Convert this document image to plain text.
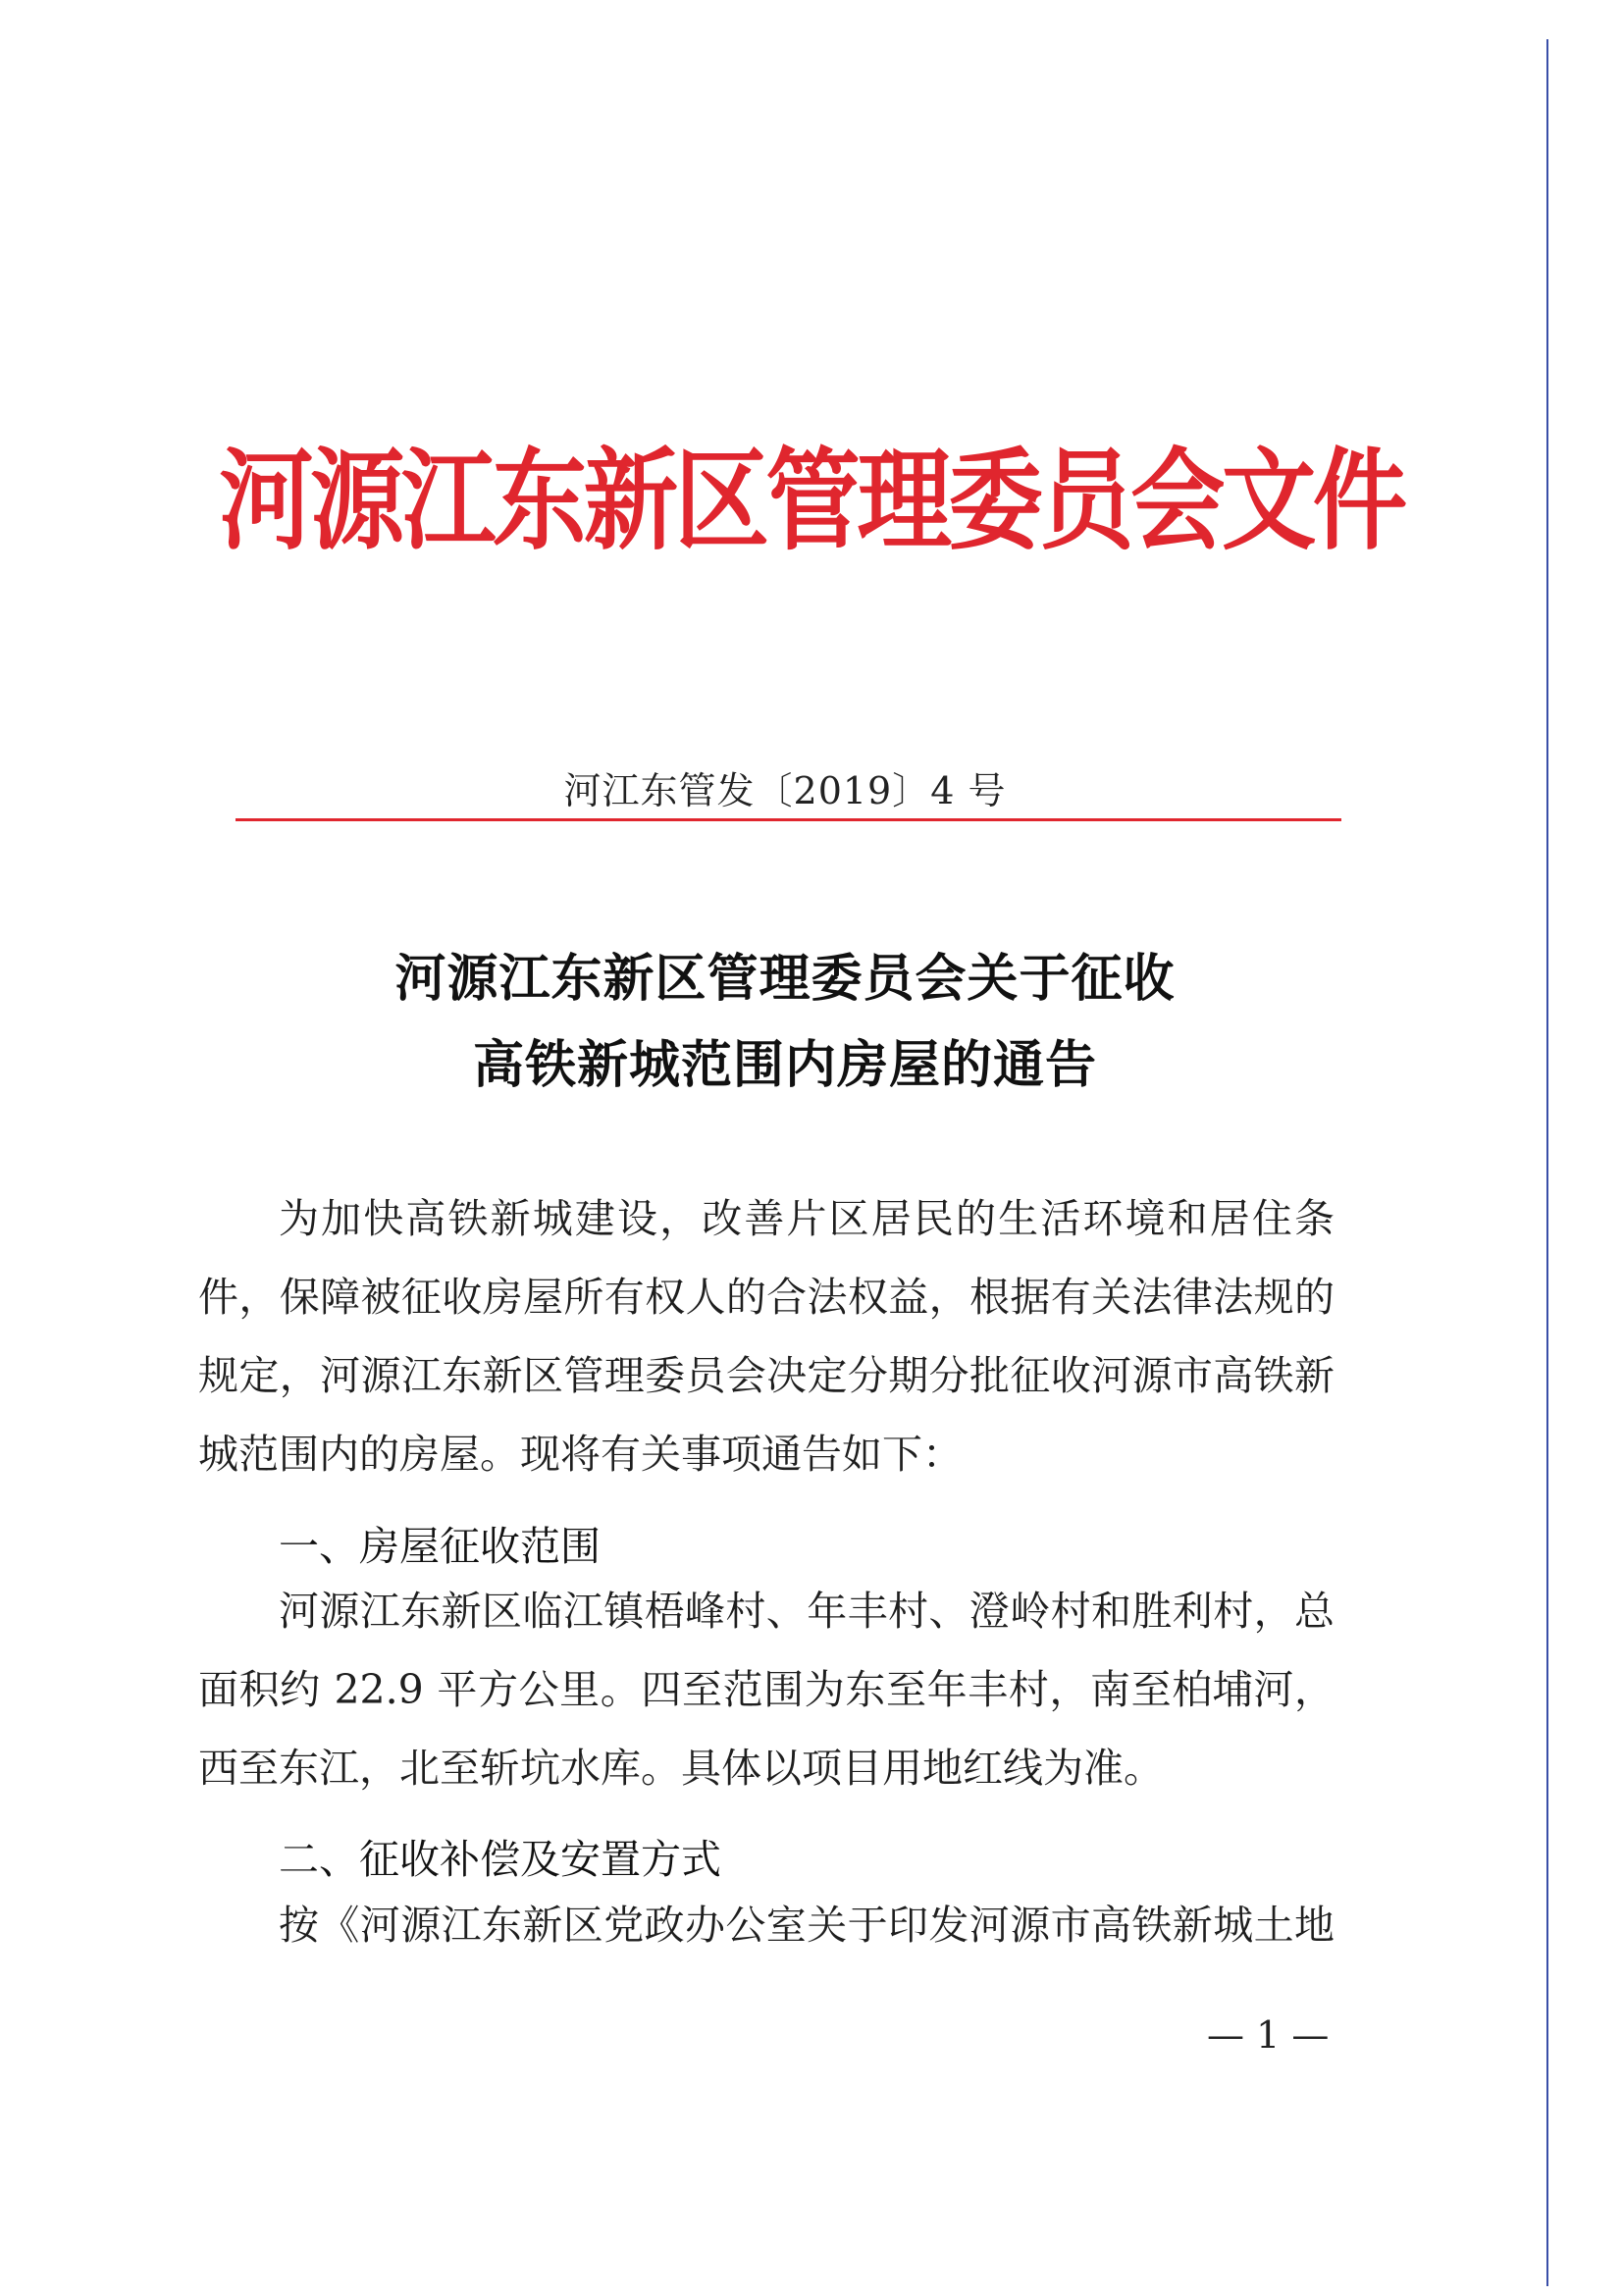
河源江东新区管理委员会文件
河江东管发〔2019〕4 号
河源江东新区管理委员会关于征收
高铁新城范围内房屋的通告
为加快高铁新城建设，改善片区居民的生活环境和居住条
件，保障被征收房屋所有权人的合法权益，根据有关法律法规的
规定，河源江东新区管理委员会决定分期分批征收河源市高铁新
城范围内的房屋。现将有关事项通告如下：
一、房屋征收范围
河源江东新区临江镇梧峰村、年丰村、澄岭村和胜利村，总
面积约 22.9 平方公里。四至范围为东至年丰村，南至柏埔河，
西至东江，北至斩坑水库。具体以项目用地红线为准。
二、征收补偿及安置方式
按《河源江东新区党政办公室关于印发河源市高铁新城土地
— 1 —
